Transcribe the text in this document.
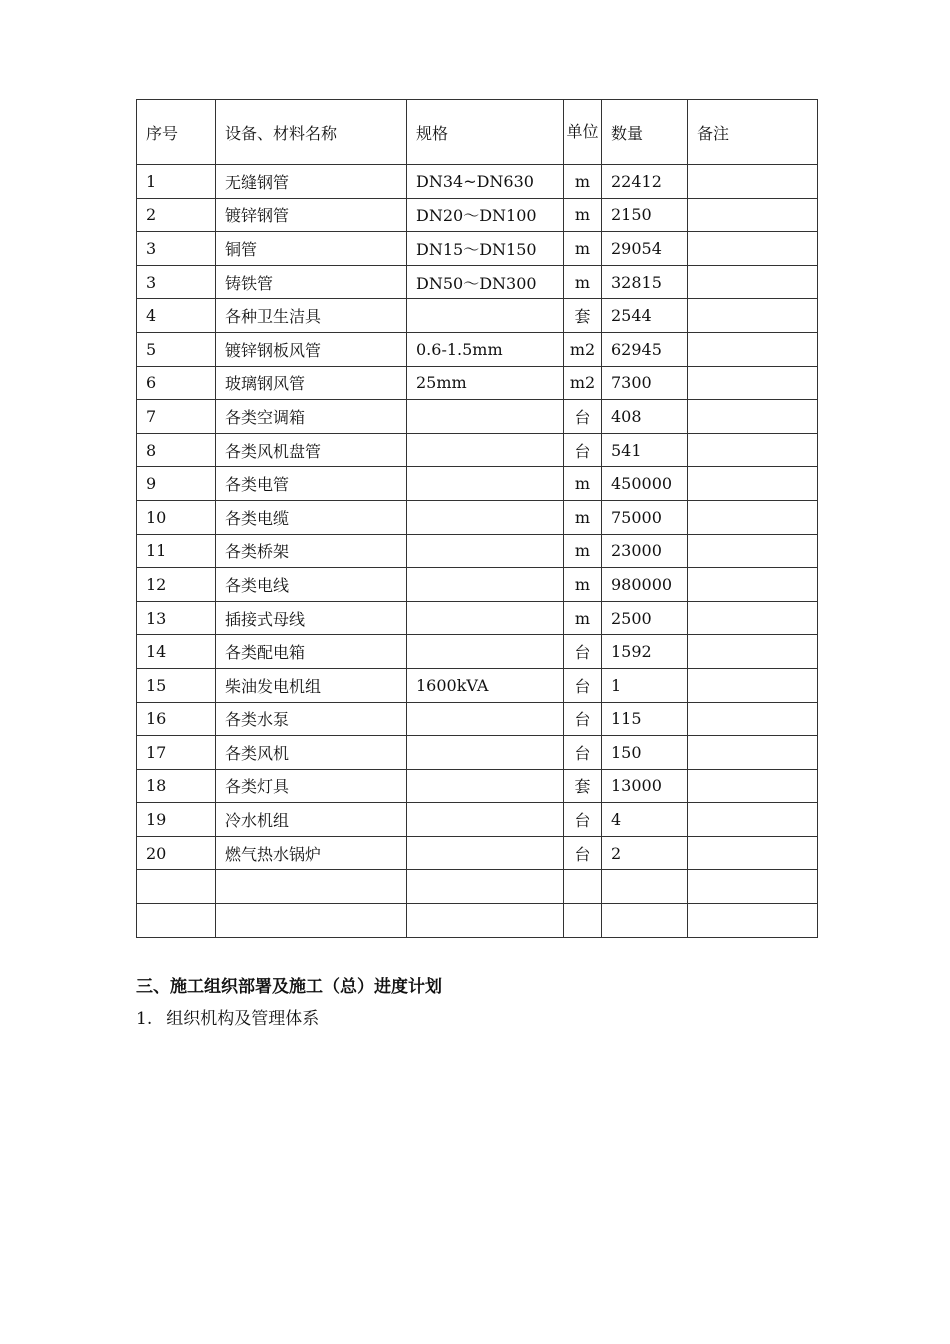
序号	设备、材料名称	规格	单位	数量	备注
1	无缝钢管	DN34~DN630	m	22412	
2	镀锌钢管	DN20～DN100	m	2150	
3	铜管	DN15～DN150	m	29054	
3	铸铁管	DN50～DN300	m	32815	
4	各种卫生洁具		套	2544	
5	镀锌钢板风管	0.6-1.5mm	m2	62945	
6	玻璃钢风管	25mm	m2	7300	
7	各类空调箱		台	408	
8	各类风机盘管		台	541	
9	各类电管		m	450000	
10	各类电缆		m	75000	
11	各类桥架		m	23000	
12	各类电线		m	980000	
13	插接式母线		m	2500	
14	各类配电箱		台	1592	
15	柴油发电机组	1600kVA	台	1	
16	各类水泵		台	115	
17	各类风机		台	150	
18	各类灯具		套	13000	
19	冷水机组		台	4	
20	燃气热水锅炉		台	2	

三、施工组织部署及施工（总）进度计划

1. 组织机构及管理体系
